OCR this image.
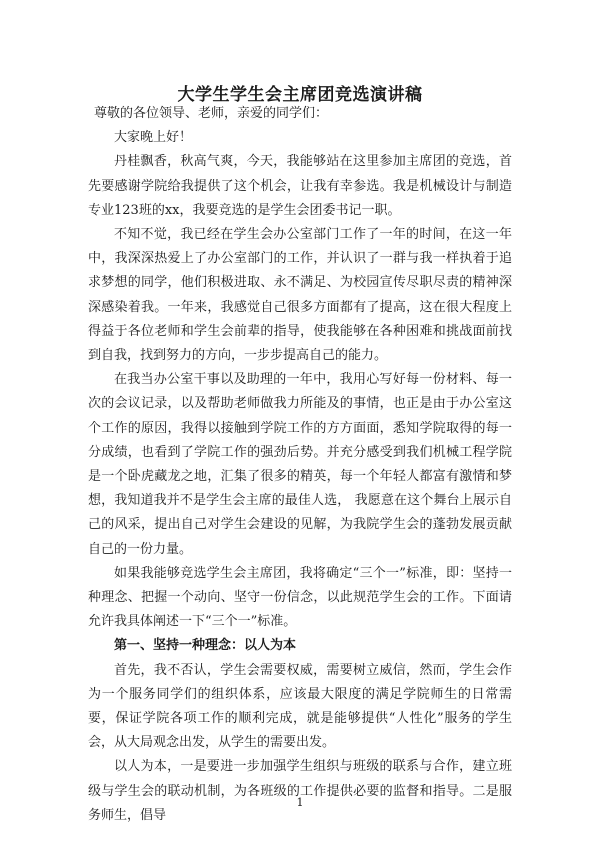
大学生学生会主席团竞选演讲稿

尊敬的各位领导、老师，亲爱的同学们：

大家晚上好！

丹桂飘香，秋高气爽，今天，我能够站在这里参加主席团的竞选，首先要感谢学院给我提供了这个机会，让我有幸参选。我是机械设计与制造专业123班的xx，我要竞选的是学生会团委书记一职。

不知不觉，我已经在学生会办公室部门工作了一年的时间，在这一年中，我深深热爱上了办公室部门的工作，并认识了一群与我一样执着于追求梦想的同学，他们积极进取、永不满足、为校园宣传尽职尽责的精神深深感染着我。一年来，我感觉自己很多方面都有了提高，这在很大程度上得益于各位老师和学生会前辈的指导，使我能够在各种困难和挑战面前找到自我，找到努力的方向，一步步提高自己的能力。

在我当办公室干事以及助理的一年中，我用心写好每一份材料、每一次的会议记录，以及帮助老师做我力所能及的事情，也正是由于办公室这个工作的原因，我得以接触到学院工作的方方面面，悉知学院取得的每一分成绩，也看到了学院工作的强劲后势。并充分感受到我们机械工程学院是一个卧虎藏龙之地，汇集了很多的精英，每一个年轻人都富有激情和梦想，我知道我并不是学生会主席的最佳人选， 我愿意在这个舞台上展示自己的风采，提出自己对学生会建设的见解，为我院学生会的蓬勃发展贡献自己的一份力量。

如果我能够竞选学生会主席团，我将确定“三个一”标准，即：坚持一种理念、把握一个动向、坚守一份信念，以此规范学生会的工作。下面请允许我具体阐述一下“三个一”标准。

第一、坚持一种理念：以人为本

首先，我不否认，学生会需要权威，需要树立威信，然而，学生会作为一个服务同学们的组织体系，应该最大限度的满足学院师生的日常需要，保证学院各项工作的顺利完成，就是能够提供“人性化”服务的学生会，从大局观念出发，从学生的需要出发。

以人为本，一是要进一步加强学生组织与班级的联系与合作，建立班级与学生会的联动机制，为各班级的工作提供必要的监督和指导。二是服务师生，倡导

1
